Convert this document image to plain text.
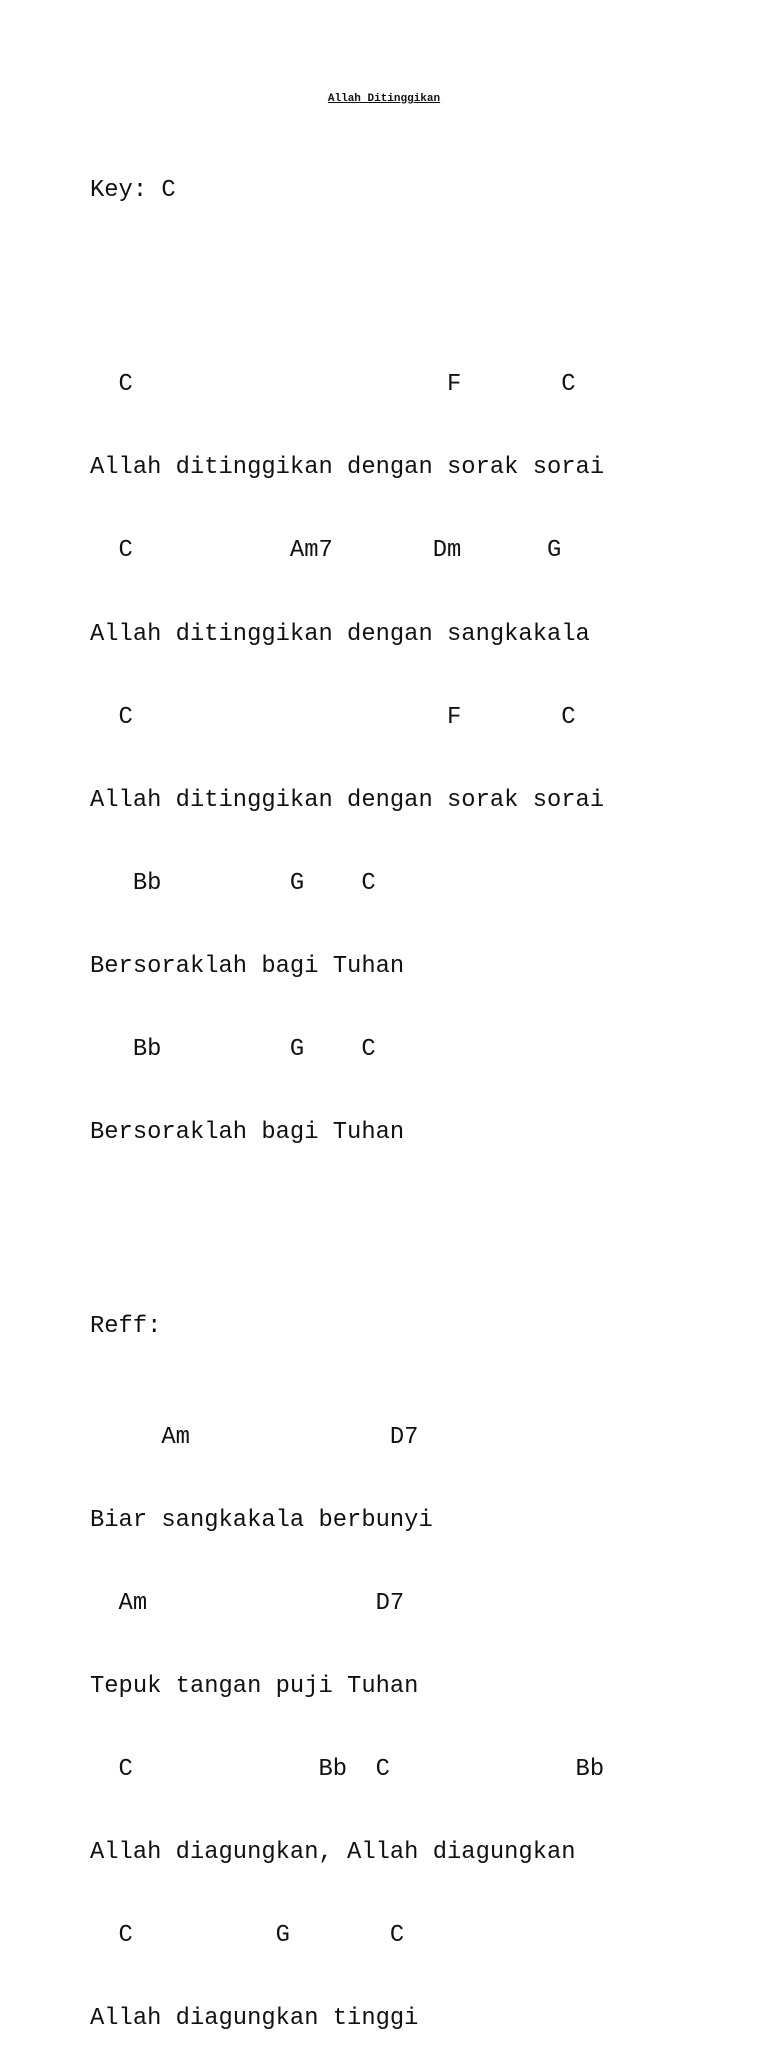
Allah Ditinggikan

Key: C

C                      F       C

Allah ditinggikan dengan sorak sorai

C           Am7       Dm      G

Allah ditinggikan dengan sangkakala

C                      F       C

Allah ditinggikan dengan sorak sorai

Bb         G    C

Bersoraklah bagi Tuhan

Bb         G    C

Bersoraklah bagi Tuhan

Reff:

Am              D7

Biar sangkakala berbunyi

Am                D7

Tepuk tangan puji Tuhan

C             Bb  C             Bb

Allah diagungkan, Allah diagungkan

C          G       C

Allah diagungkan tinggi
